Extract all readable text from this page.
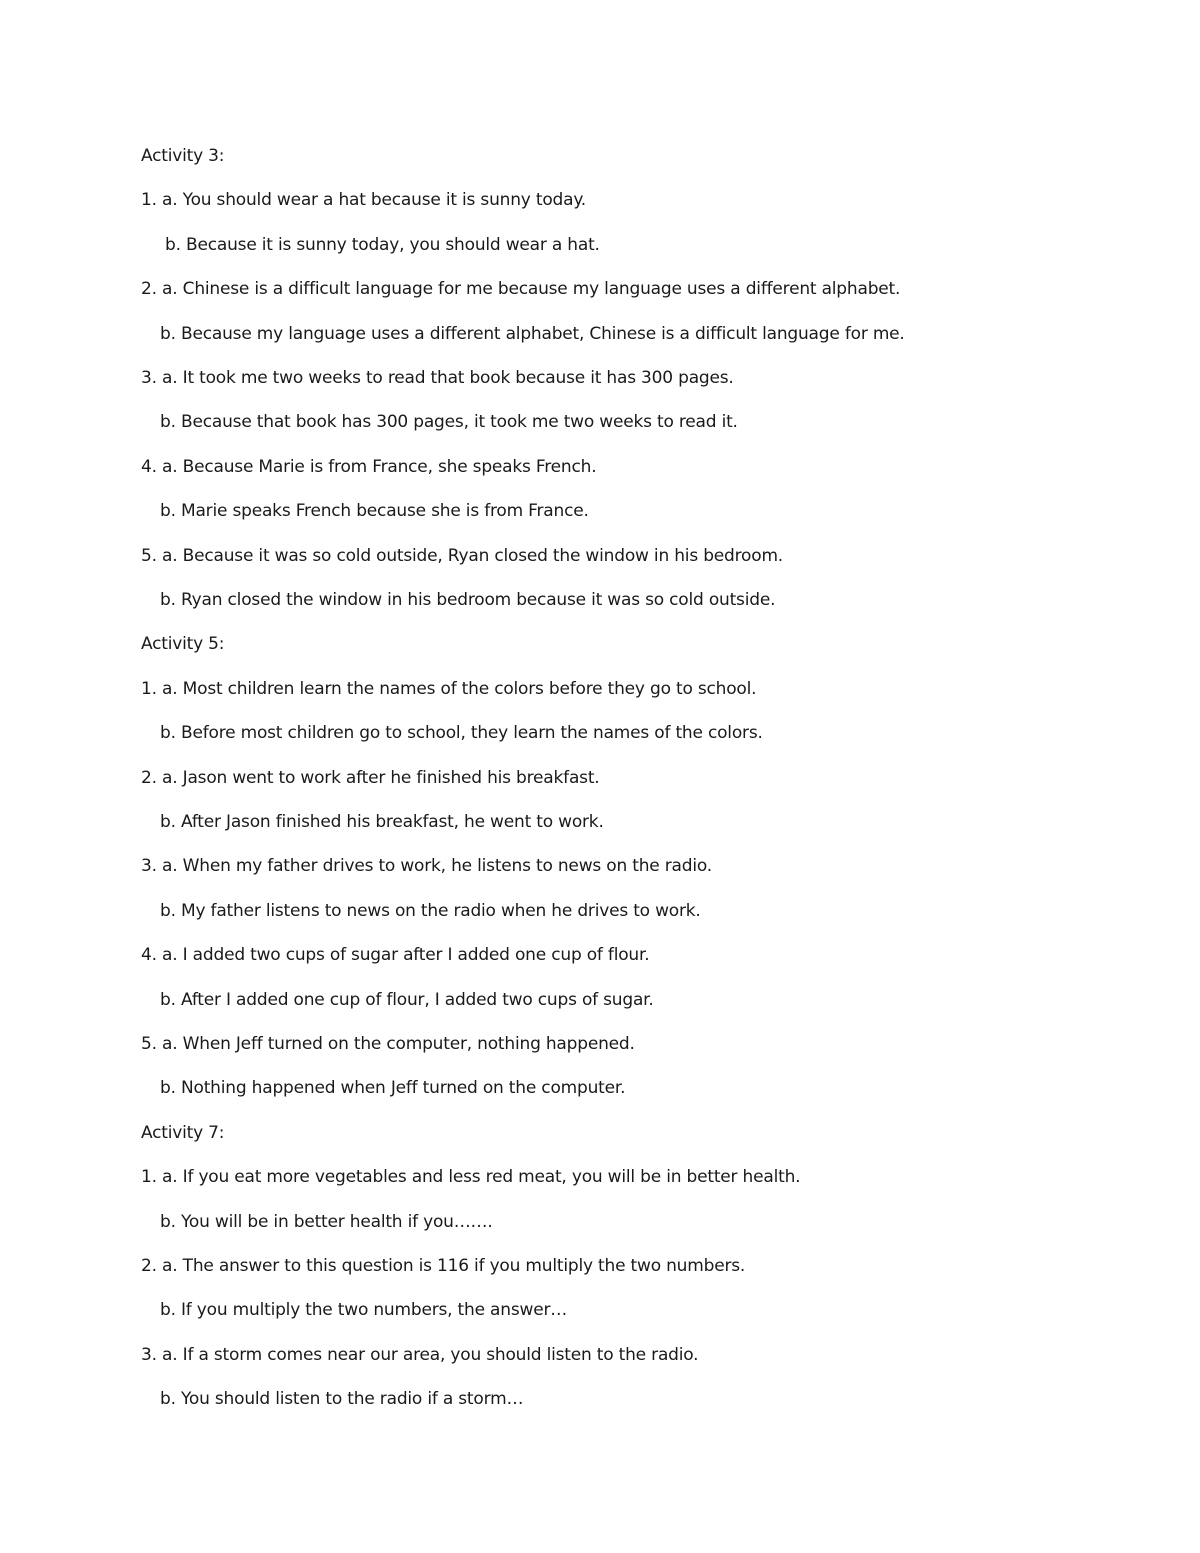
Activity 3:

1. a. You should wear a hat because it is sunny today.

b. Because it is sunny today, you should wear a hat.

2. a. Chinese is a difficult language for me because my language uses a different alphabet.

b. Because my language uses a different alphabet, Chinese is a difficult language for me.

3. a. It took me two weeks to read that book because it has 300 pages.

b. Because that book has 300 pages, it took me two weeks to read it.

4. a. Because Marie is from France, she speaks French.

b. Marie speaks French because she is from France.

5. a. Because it was so cold outside, Ryan closed the window in his bedroom.

b. Ryan closed the window in his bedroom because it was so cold outside.

Activity 5:

1. a. Most children learn the names of the colors before they go to school.

b. Before most children go to school, they learn the names of the colors.

2. a. Jason went to work after he finished his breakfast.

b. After Jason finished his breakfast, he went to work.

3. a. When my father drives to work, he listens to news on the radio.

b. My father listens to news on the radio when he drives to work.

4. a. I added two cups of sugar after I added one cup of flour.

b. After I added one cup of flour, I added two cups of sugar.

5. a. When Jeff turned on the computer, nothing happened.

b. Nothing happened when Jeff turned on the computer.

Activity 7:

1. a. If you eat more vegetables and less red meat, you will be in better health.

b. You will be in better health if you…….

2. a. The answer to this question is 116 if you multiply the two numbers.

b. If you multiply the two numbers, the answer…

3. a. If a storm comes near our area, you should listen to the radio.

b. You should listen to the radio if a storm…
